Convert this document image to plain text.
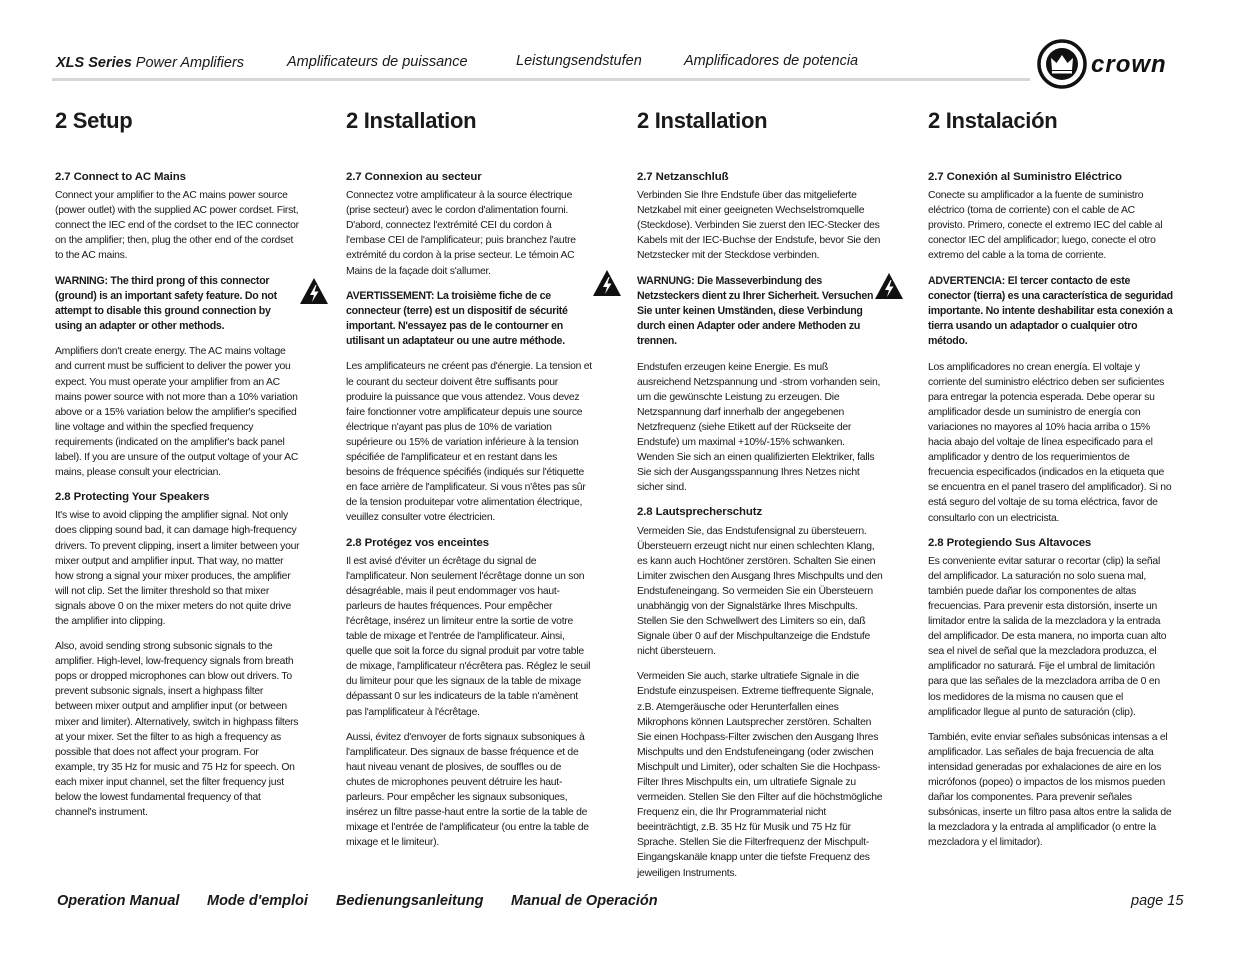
XLS Series Power Amplifiers	Amplificateurs de puissance	Leistungsendstufen	Amplificadores de potencia	crown
2 Setup
2.7 Connect to AC Mains

Connect your amplifier to the AC mains power source (power outlet) with the supplied AC power cordset. First, connect the IEC end of the cordset to the IEC connector on the amplifier; then, plug the other end of the cordset to the AC mains.

WARNING: The third prong of this connector (ground) is an important safety feature. Do not attempt to disable this ground connection by using an adapter or other methods.

Amplifiers don't create energy. The AC mains voltage and current must be sufficient to deliver the power you expect. You must operate your amplifier from an AC mains power source with not more than a 10% variation above or a 15% variation below the amplifier's specified line voltage and within the specfied frequency requirements (indicated on the amplifier's back panel label). If you are unsure of the output voltage of your AC mains, please consult your electrician.

2.8 Protecting Your Speakers

It's wise to avoid clipping the amplifier signal. Not only does clipping sound bad, it can damage high-frequency drivers. To prevent clipping, insert a limiter between your mixer output and amplifier input. That way, no matter how strong a signal your mixer produces, the amplifier will not clip. Set the limiter threshold so that mixer signals above 0 on the mixer meters do not quite drive the amplifier into clipping.

Also, avoid sending strong subsonic signals to the amplifier. High-level, low-frequency signals from breath pops or dropped microphones can blow out drivers. To prevent subsonic signals, insert a highpass filter between mixer output and amplifier input (or between mixer and limiter). Alternatively, switch in highpass filters at your mixer. Set the filter to as high a frequency as possible that does not affect your program. For example, try 35 Hz for music and 75 Hz for speech. On each mixer input channel, set the filter frequency just below the lowest fundamental frequency of that channel's instrument.

2 Installation
2.7 Connexion au secteur

Connectez votre amplificateur à la source électrique (prise secteur) avec le cordon d'alimentation fourni. D'abord, connectez l'extrémité CEI du cordon à l'embase CEI de l'amplificateur; puis branchez l'autre extrémité du cordon à la prise secteur. Le témoin AC Mains de la façade doit s'allumer.

AVERTISSEMENT: La troisième fiche de ce connecteur (terre) est un dispositif de sécurité important. N'essayez pas de le contourner en utilisant un adaptateur ou une autre méthode.

Les amplificateurs ne créent pas d'énergie. La tension et le courant du secteur doivent être suffisants pour produire la puissance que vous attendez. Vous devez faire fonctionner votre amplificateur depuis une source électrique n'ayant pas plus de 10% de variation supérieure ou 15% de variation inférieure à la tension spécifiée de l'amplificateur et en restant dans les besoins de fréquence spécifiés (indiqués sur l'étiquette en face arrière de l'amplificateur. Si vous n'êtes pas sûr de la tension produitepar votre alimentation électrique, veuillez consulter votre électricien.

2.8 Protégez vos enceintes

Il est avisé d'éviter un écrêtage du signal de l'amplificateur. Non seulement l'écrêtage donne un son désagréable, mais il peut endommager vos haut-parleurs de hautes fréquences. Pour empêcher l'écrêtage, insérez un limiteur entre la sortie de votre table de mixage et l'entrée de l'amplificateur. Ainsi, quelle que soit la force du signal produit par votre table de mixage, l'amplificateur n'écrêtera pas. Réglez le seuil du limiteur pour que les signaux de la table de mixage dépassant 0 sur les indicateurs de la table n'amènent pas l'amplificateur à l'écrêtage.

Aussi, évitez d'envoyer de forts signaux subsoniques à l'amplificateur. Des signaux de basse fréquence et de haut niveau venant de plosives, de souffles ou de chutes de microphones peuvent détruire les haut-parleurs. Pour empêcher les signaux subsoniques, insérez un filtre passe-haut entre la sortie de la table de mixage et l'entrée de l'amplificateur (ou entre la table de mixage et le limiteur).

2 Installation
2.7 Netzanschluß

Verbinden Sie Ihre Endstufe über das mitgelieferte Netzkabel mit einer geeigneten Wechselstromquelle (Steckdose). Verbinden Sie zuerst den IEC-Stecker des Kabels mit der IEC-Buchse der Endstufe, bevor Sie den Netzstecker mit der Steckdose verbinden.

WARNUNG: Die Masseverbindung des Netzsteckers dient zu Ihrer Sicherheit. Versuchen Sie unter keinen Umständen, diese Verbindung durch einen Adapter oder andere Methoden zu trennen.

Endstufen erzeugen keine Energie. Es muß ausreichend Netzspannung und -strom vorhanden sein, um die gewünschte Leistung zu erzeugen. Die Netzspannung darf innerhalb der angegebenen Netzfrequenz (siehe Etikett auf der Rückseite der Endstufe) um maximal +10%/-15% schwanken. Wenden Sie sich an einen qualifizierten Elektriker, falls Sie sich der Ausgangsspannung Ihres Netzes nicht sicher sind.

2.8 Lautsprecherschutz

Vermeiden Sie, das Endstufensignal zu übersteuern. Übersteuern erzeugt nicht nur einen schlechten Klang, es kann auch Hochtöner zerstören. Schalten Sie einen Limiter zwischen den Ausgang Ihres Mischpults und den Endstufeneingang. So vermeiden Sie ein Übersteuern unabhängig von der Signalstärke Ihres Mischpults. Stellen Sie den Schwellwert des Limiters so ein, daß Signale über 0 auf der Mischpultanzeige die Endstufe nicht übersteuern.

Vermeiden Sie auch, starke ultratiefe Signale in die Endstufe einzuspeisen. Extreme tieffrequente Signale, z.B. Atemgeräusche oder Herunterfallen eines Mikrophons können Lautsprecher zerstören. Schalten Sie einen Hochpass-Filter zwischen den Ausgang Ihres Mischpults und den Endstufeneingang (oder zwischen Mischpult und Limiter), oder schalten Sie die Hochpass-Filter Ihres Mischpults ein, um ultratiefe Signale zu vermeiden. Stellen Sie den Filter auf die höchstmögliche Frequenz ein, die Ihr Programmaterial nicht beeinträchtigt, z.B. 35 Hz für Musik und 75 Hz für Sprache. Stellen Sie die Filterfrequenz der Mischpult-Eingangskanäle knapp unter die tiefste Frequenz des jeweiligen Instruments.

2 Instalación
2.7 Conexión al Suministro Eléctrico

Conecte su amplificador a la fuente de suministro eléctrico (toma de corriente) con el cable de AC provisto. Primero, conecte el extremo IEC del cable al conector IEC del amplificador; luego, conecte el otro extremo del cable a la toma de corriente.

ADVERTENCIA: El tercer contacto de este conector (tierra) es una característica de seguridad importante. No intente deshabilitar esta conexión a tierra usando un adaptador o cualquier otro método.

Los amplificadores no crean energía. El voltaje y corriente del suministro eléctrico deben ser suficientes para entregar la potencia esperada. Debe operar su amplificador desde un suministro de energía con variaciones no mayores al 10% hacia arriba o 15% hacia abajo del voltaje de línea especificado para el amplificador y dentro de los requerimientos de frecuencia especificados (indicados en la etiqueta que se encuentra en el panel trasero del amplificador). Si no está seguro del voltaje de su toma eléctrica, favor de consultarlo con un electricista.

2.8 Protegiendo Sus Altavoces

Es conveniente evitar saturar o recortar (clip) la señal del amplificador. La saturación no solo suena mal, también puede dañar los componentes de altas frecuencias. Para prevenir esta distorsión, inserte un limitador entre la salida de la mezcladora y la entrada del amplificador. De esta manera, no importa cuan alto sea el nivel de señal que la mezcladora produzca, el amplificador no saturará. Fije el umbral de limitación para que las señales de la mezcladora arriba de 0 en los medidores de la misma no causen que el amplificador llegue al punto de saturación (clip).

También, evite enviar señales subsónicas intensas a el amplificador. Las señales de baja frecuencia de alta intensidad generadas por exhalaciones de aire en los micrófonos (popeo) o impactos de los mismos pueden dañar los componentes. Para prevenir señales subsónicas, inserte un filtro pasa altos entre la salida de la mezcladora y la entrada al amplificador (o entre la mezcladora y el limitador).

Operation Manual Mode d'emploi Bedienungsanleitung Manual de Operación	page 15
